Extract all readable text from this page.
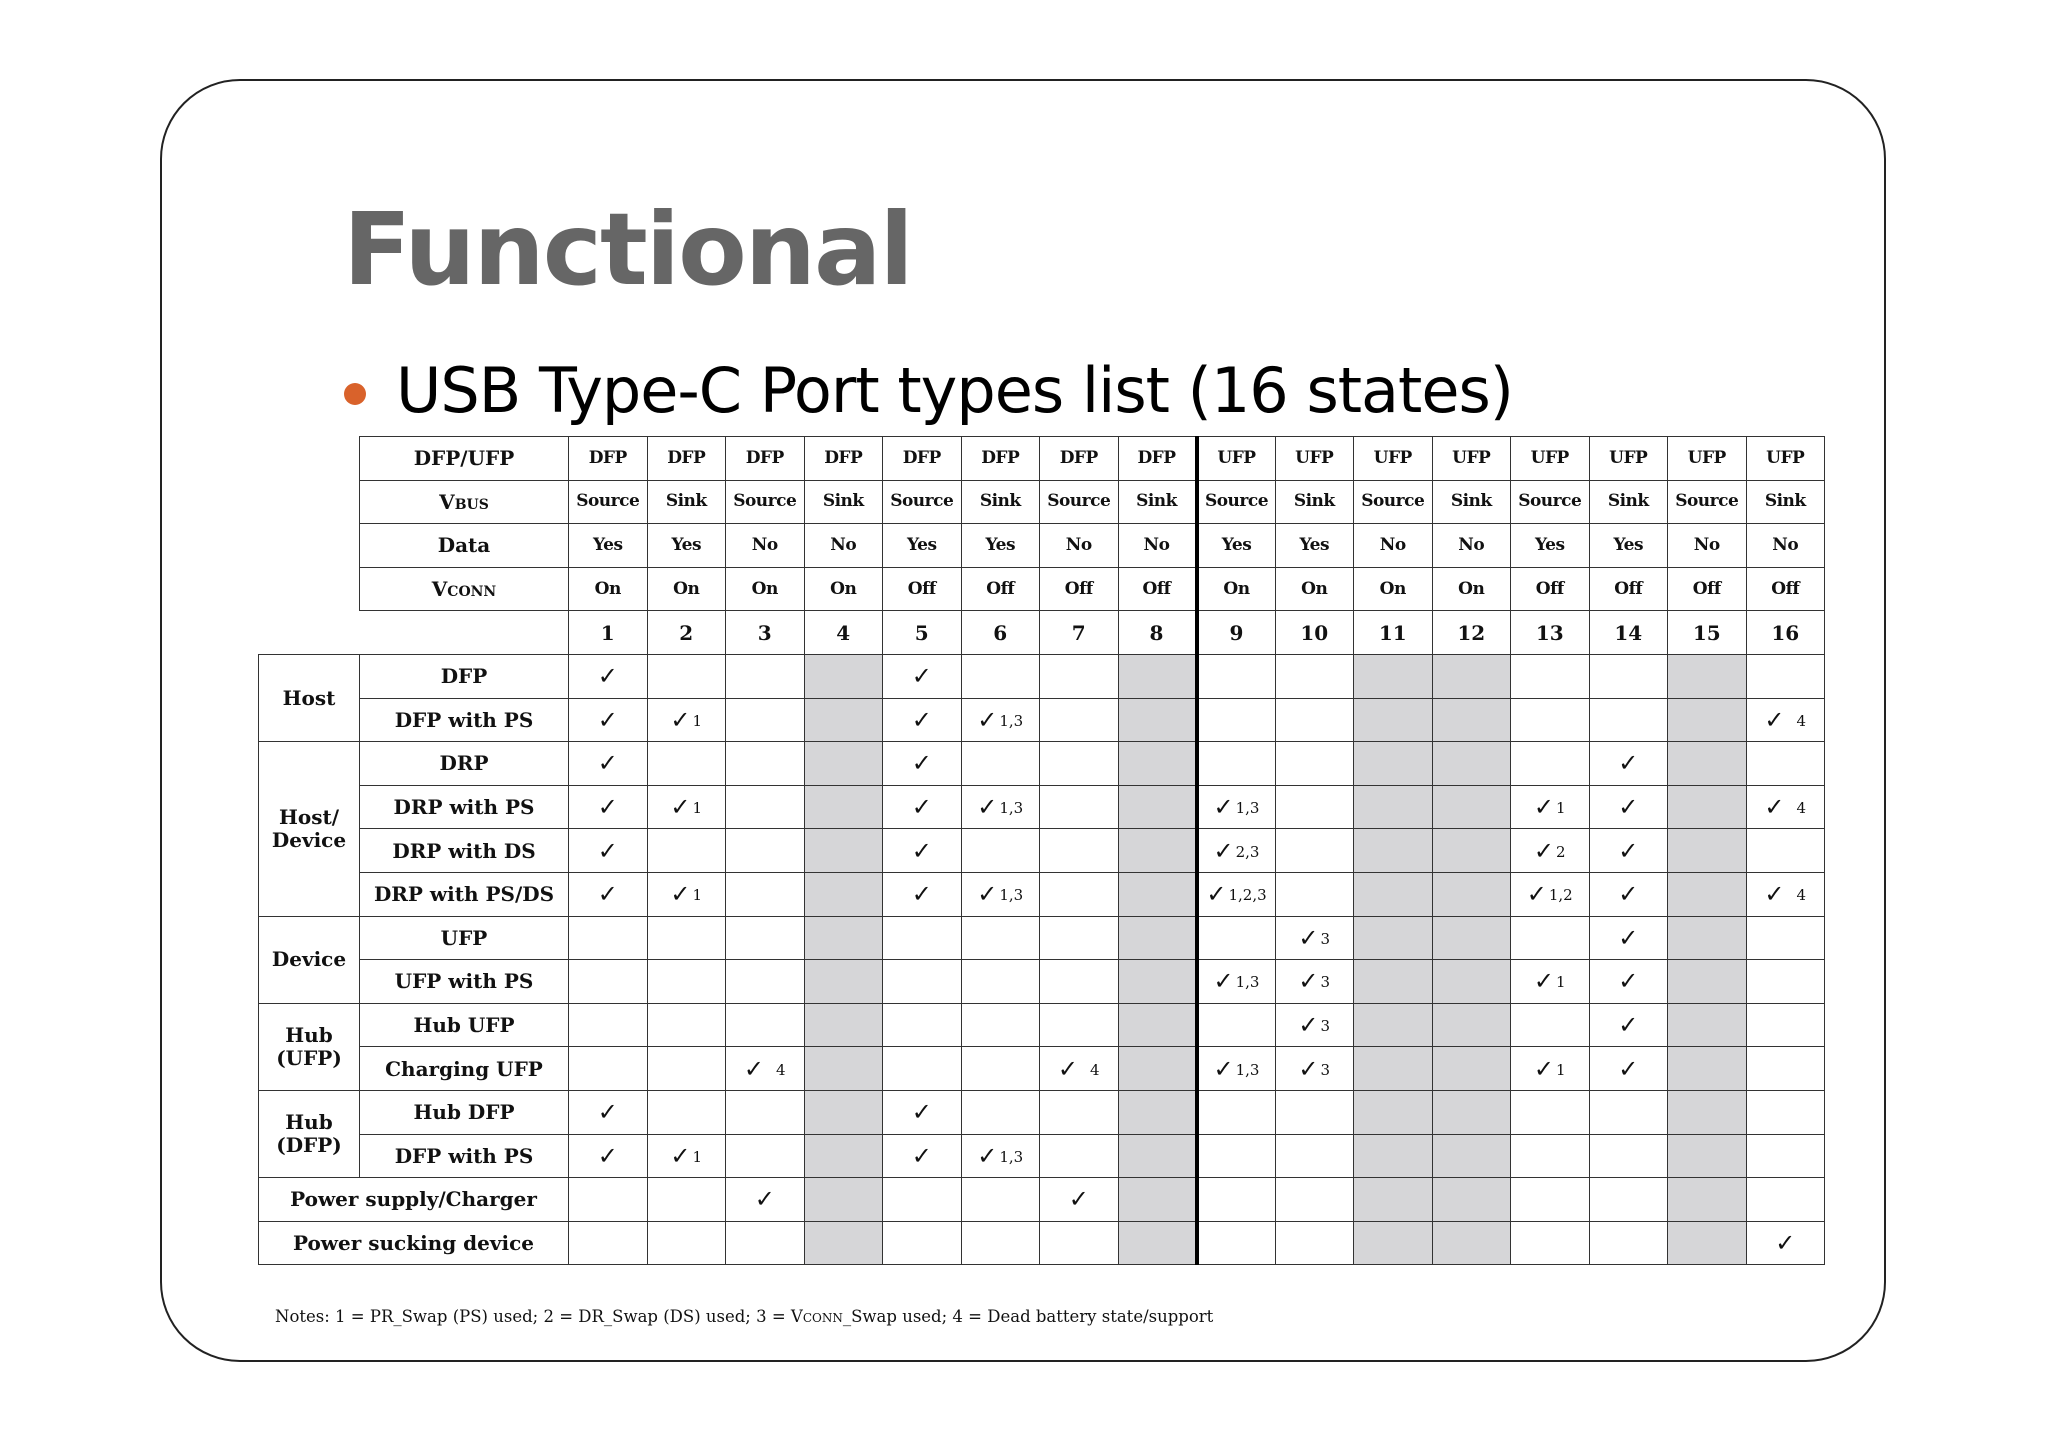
Functional
USB Type-C Port types list (16 states)
	DFP/UFP	DFP	DFP	DFP	DFP	DFP	DFP	DFP	DFP	UFP	UFP	UFP	UFP	UFP	UFP	UFP	UFP
	Vbus	Source	Sink	Source	Sink	Source	Sink	Source	Sink	Source	Sink	Source	Sink	Source	Sink	Source	Sink
	Data	Yes	Yes	No	No	Yes	Yes	No	No	Yes	Yes	No	No	Yes	Yes	No	No
	Vconn	On	On	On	On	Off	Off	Off	Off	On	On	On	On	Off	Off	Off	Off
		1	2	3	4	5	6	7	8	9	10	11	12	13	14	15	16
Host	DFP	✓				✓											
	DFP with PS	✓	✓ 1			✓	✓ 1,3										✓ 4
Host/ Device	DRP	✓				✓									✓		
	DRP with PS	✓	✓ 1			✓	✓ 1,3			✓ 1,3				✓ 1	✓		✓ 4
	DRP with DS	✓				✓				✓ 2,3				✓ 2	✓		
	DRP with PS/DS	✓	✓ 1			✓	✓ 1,3			✓ 1,2,3				✓ 1,2	✓		✓ 4
Device	UFP										✓ 3				✓		
	UFP with PS									✓ 1,3	✓ 3			✓ 1	✓		
Hub (UFP)	Hub UFP										✓ 3				✓		
	Charging UFP			✓ 4				✓ 4		✓ 1,3	✓ 3			✓ 1	✓		
Hub (DFP)	Hub DFP	✓				✓											
	DFP with PS	✓	✓ 1			✓	✓ 1,3										
Power supply/Charger				✓				✓									
Power sucking device																	✓
Notes: 1 = PR_Swap (PS) used; 2 = DR_Swap (DS) used; 3 = Vconn_Swap used; 4 = Dead battery state/support
